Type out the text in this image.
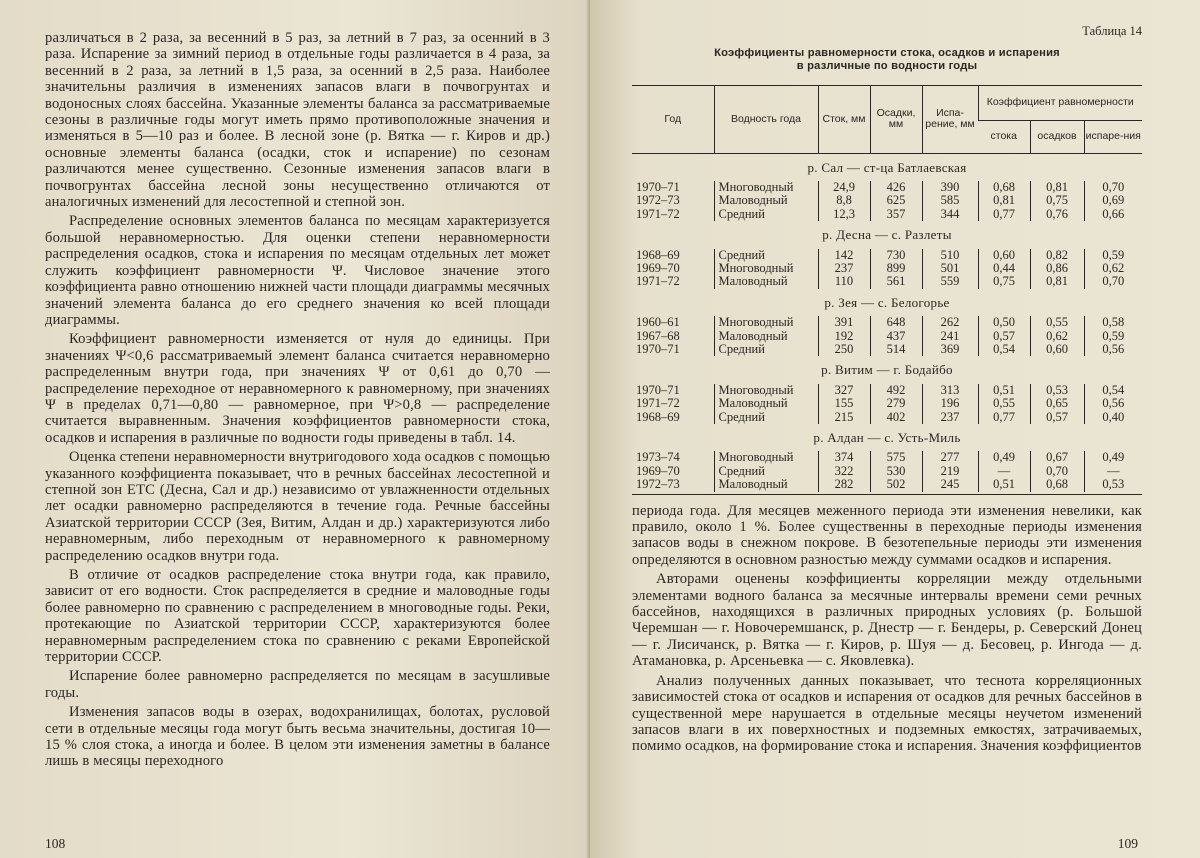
различаться в 2 раза, за весенний в 5 раз, за летний в 7 раз, за осенний в 3 раза. Испарение за зимний период в отдельные годы различается в 4 раза, за весенний в 2 раза, за летний в 1,5 раза, за осенний в 2,5 раза. Наиболее значительны различия в изменениях запасов влаги в почвогрунтах и водоносных слоях бассейна. Указанные элементы баланса за рассматриваемые сезоны в различные годы могут иметь прямо противоположные значения и изменяться в 5—10 раз и более. В лесной зоне (р. Вятка — г. Киров и др.) основные элементы баланса (осадки, сток и испарение) по сезонам различаются менее существенно. Сезонные изменения запасов влаги в почвогрунтах бассейна лесной зоны несущественно отличаются от аналогичных изменений для лесостепной и степной зон.

Распределение основных элементов баланса по месяцам характеризуется большой неравномерностью. Для оценки степени неравномерности распределения осадков, стока и испарения по месяцам отдельных лет может служить коэффициент равномерности Ψ. Числовое значение этого коэффициента равно отношению нижней части площади диаграммы месячных значений элемента баланса до его среднего значения ко всей площади диаграммы.

Коэффициент равномерности изменяется от нуля до единицы. При значениях Ψ<0,6 рассматриваемый элемент баланса считается неравномерно распределенным внутри года, при значениях Ψ от 0,61 до 0,70 — распределение переходное от неравномерного к равномерному, при значениях Ψ в пределах 0,71—0,80 — равномерное, при Ψ>0,8 — распределение считается выравненным. Значения коэффициентов равномерности стока, осадков и испарения в различные по водности годы приведены в табл. 14.

Оценка степени неравномерности внутригодового хода осадков с помощью указанного коэффициента показывает, что в речных бассейнах лесостепной и степной зон ЕТС (Десна, Сал и др.) независимо от увлажненности отдельных лет осадки равномерно распределяются в течение года. Речные бассейны Азиатской территории СССР (Зея, Витим, Алдан и др.) характеризуются либо неравномерным, либо переходным от неравномерного к равномерному распределению осадков внутри года.

В отличие от осадков распределение стока внутри года, как правило, зависит от его водности. Сток распределяется в средние и маловодные годы более равномерно по сравнению с распределением в многоводные годы. Реки, протекающие по Азиатской территории СССР, характеризуются более неравномерным распределением стока по сравнению с реками Европейской территории СССР.

Испарение более равномерно распределяется по месяцам в засушливые годы.

Изменения запасов воды в озерах, водохранилищах, болотах, русловой сети в отдельные месяцы года могут быть весьма значительны, достигая 10—15 % слоя стока, а иногда и более. В целом эти изменения заметны в балансе лишь в месяцы переходного

108
Таблица 14
Коэффициенты равномерности стока, осадков и испарения
в различные по водности годы
Год	Водность года	Сток, мм	Осадки, мм	Испа-рение, мм	Коэффициент равномерности		
					стока	осадков	испаре-ния
р. Сал — ст-ца Батлаевская							
1970–71	Многоводный	24,9	426	390	0,68	0,81	0,70
1972–73	Маловодный	8,8	625	585	0,81	0,75	0,69
1971–72	Средний	12,3	357	344	0,77	0,76	0,66
р. Десна — с. Разлеты							
1968–69	Средний	142	730	510	0,60	0,82	0,59
1969–70	Многоводный	237	899	501	0,44	0,86	0,62
1971–72	Маловодный	110	561	559	0,75	0,81	0,70
р. Зея — с. Белогорье							
1960–61	Многоводный	391	648	262	0,50	0,55	0,58
1967–68	Маловодный	192	437	241	0,57	0,62	0,59
1970–71	Средний	250	514	369	0,54	0,60	0,56
р. Витим — г. Бодайбо							
1970–71	Многоводный	327	492	313	0,51	0,53	0,54
1971–72	Маловодный	155	279	196	0,55	0,65	0,56
1968–69	Средний	215	402	237	0,77	0,57	0,40
р. Алдан — с. Усть-Миль							
1973–74	Многоводный	374	575	277	0,49	0,67	0,49
1969–70	Средний	322	530	219	—	0,70	—
1972–73	Маловодный	282	502	245	0,51	0,68	0,53

периода года. Для месяцев меженного периода эти изменения невелики, как правило, около 1 %. Более существенны в переходные периоды изменения запасов воды в снежном покрове. В безотепельные периоды эти изменения определяются в основном разностью между суммами осадков и испарения.

Авторами оценены коэффициенты корреляции между отдельными элементами водного баланса за месячные интервалы времени семи речных бассейнов, находящихся в различных природных условиях (р. Большой Черемшан — г. Новочеремшанск, р. Днестр — г. Бендеры, р. Северский Донец — г. Лисичанск, р. Вятка — г. Киров, р. Шуя — д. Бесовец, р. Ингода — д. Атамановка, р. Арсеньевка — с. Яковлевка).

Анализ полученных данных показывает, что теснота корреляционных зависимостей стока от осадков и испарения от осадков для речных бассейнов в существенной мере нарушается в отдельные месяцы неучетом изменений запасов влаги в их поверхностных и подземных емкостях, затрачиваемых, помимо осадков, на формирование стока и испарения. Значения коэффициентов

109
